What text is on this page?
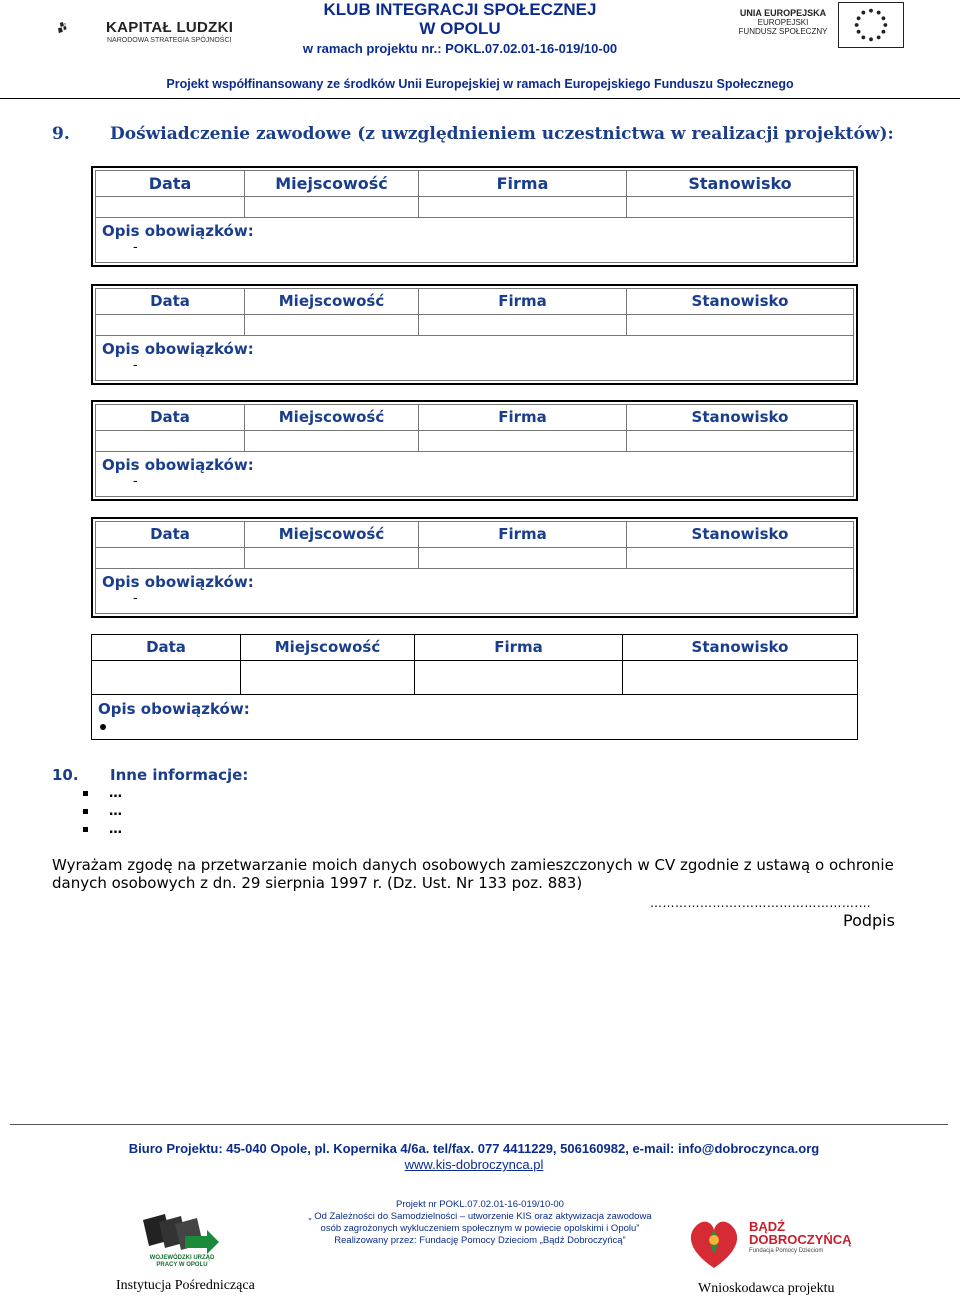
KAPITAŁ LUDZKI
NARODOWA STRATEGIA SPÓJNOŚCI
KLUB INTEGRACJI SPOŁECZNEJ
W OPOLU
w ramach projektu nr.: POKL.07.02.01-16-019/10-00
UNIA EUROPEJSKA
EUROPEJSKI
FUNDUSZ SPOŁECZNY
Projekt współfinansowany ze środków Unii Europejskiej w ramach Europejskiego Funduszu Społecznego
9. Doświadczenie zawodowe (z uwzględnieniem uczestnictwa w realizacji projektów):
Data	Miejscowość	Firma	Stanowisko
Opis obowiązków:
-
Data	Miejscowość	Firma	Stanowisko
Opis obowiązków:
-
Data	Miejscowość	Firma	Stanowisko
Opis obowiązków:
-
Data	Miejscowość	Firma	Stanowisko
Opis obowiązków:
-
Data	Miejscowość	Firma	Stanowisko
Opis obowiązków:
10. Inne informacje:
…
…
…
Wyrażam zgodę na przetwarzanie moich danych osobowych zamieszczonych w CV zgodnie z ustawą o ochronie danych osobowych z dn. 29 sierpnia 1997 r. (Dz. Ust. Nr 133 poz. 883)
………………….……………………….…
Podpis
Biuro Projektu: 45-040 Opole, pl. Kopernika 4/6a. tel/fax. 077 4411229, 506160982, e-mail: info@dobroczynca.org
www.kis-dobroczynca.pl
Projekt nr POKL.07.02.01-16-019/10-00
„ Od Zależności do Samodzielności – utworzenie KIS oraz aktywizacja zawodowa
osób zagrożonych wykluczeniem społecznym w powiecie opolskimi i Opolu”
Realizowany przez: Fundację Pomocy Dzieciom „Bądź Dobroczyńcą”
WOJEWÓDZKI URZĄD PRACY W OPOLU
Instytucja Pośrednicząca
BĄDŹ
DOBROCZYŃCĄ
Fundacja Pomocy Dzieciom
Wnioskodawca projektu
